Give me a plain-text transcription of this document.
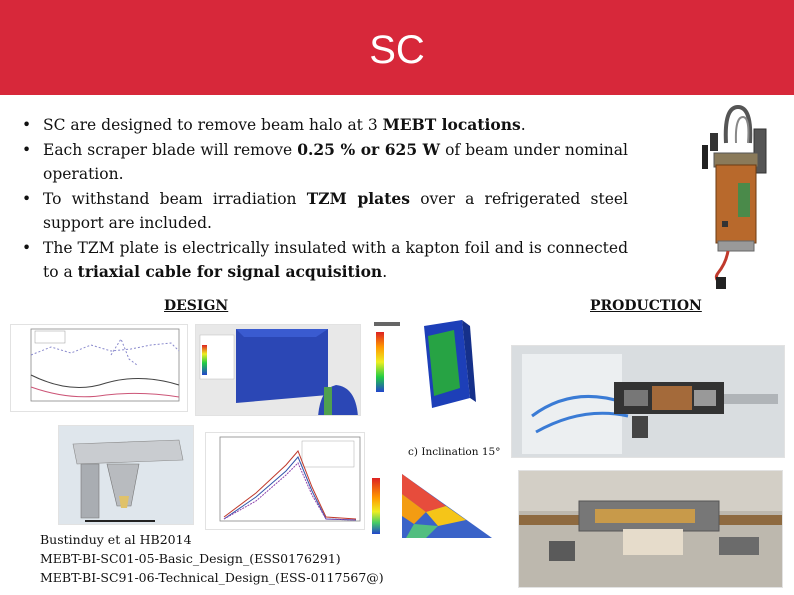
SC
• SC are designed to remove beam halo at 3 MEBT locations.
• Each scraper blade will remove 0.25 % or 625 W of beam under nominal operation.
• To withstand beam irradiation TZM plates over a refrigerated steel support are included.
• The TZM plate is electrically insulated with a kapton foil and is connected to a triaxial cable for signal acquisition.
DESIGN	PRODUCTION
c) Inclination 15°
Bustinduy et al HB2014
MEBT-BI-SC01-05-Basic_Design_(ESS0176291)
MEBT-BI-SC91-06-Technical_Design_(ESS-0117567@)
